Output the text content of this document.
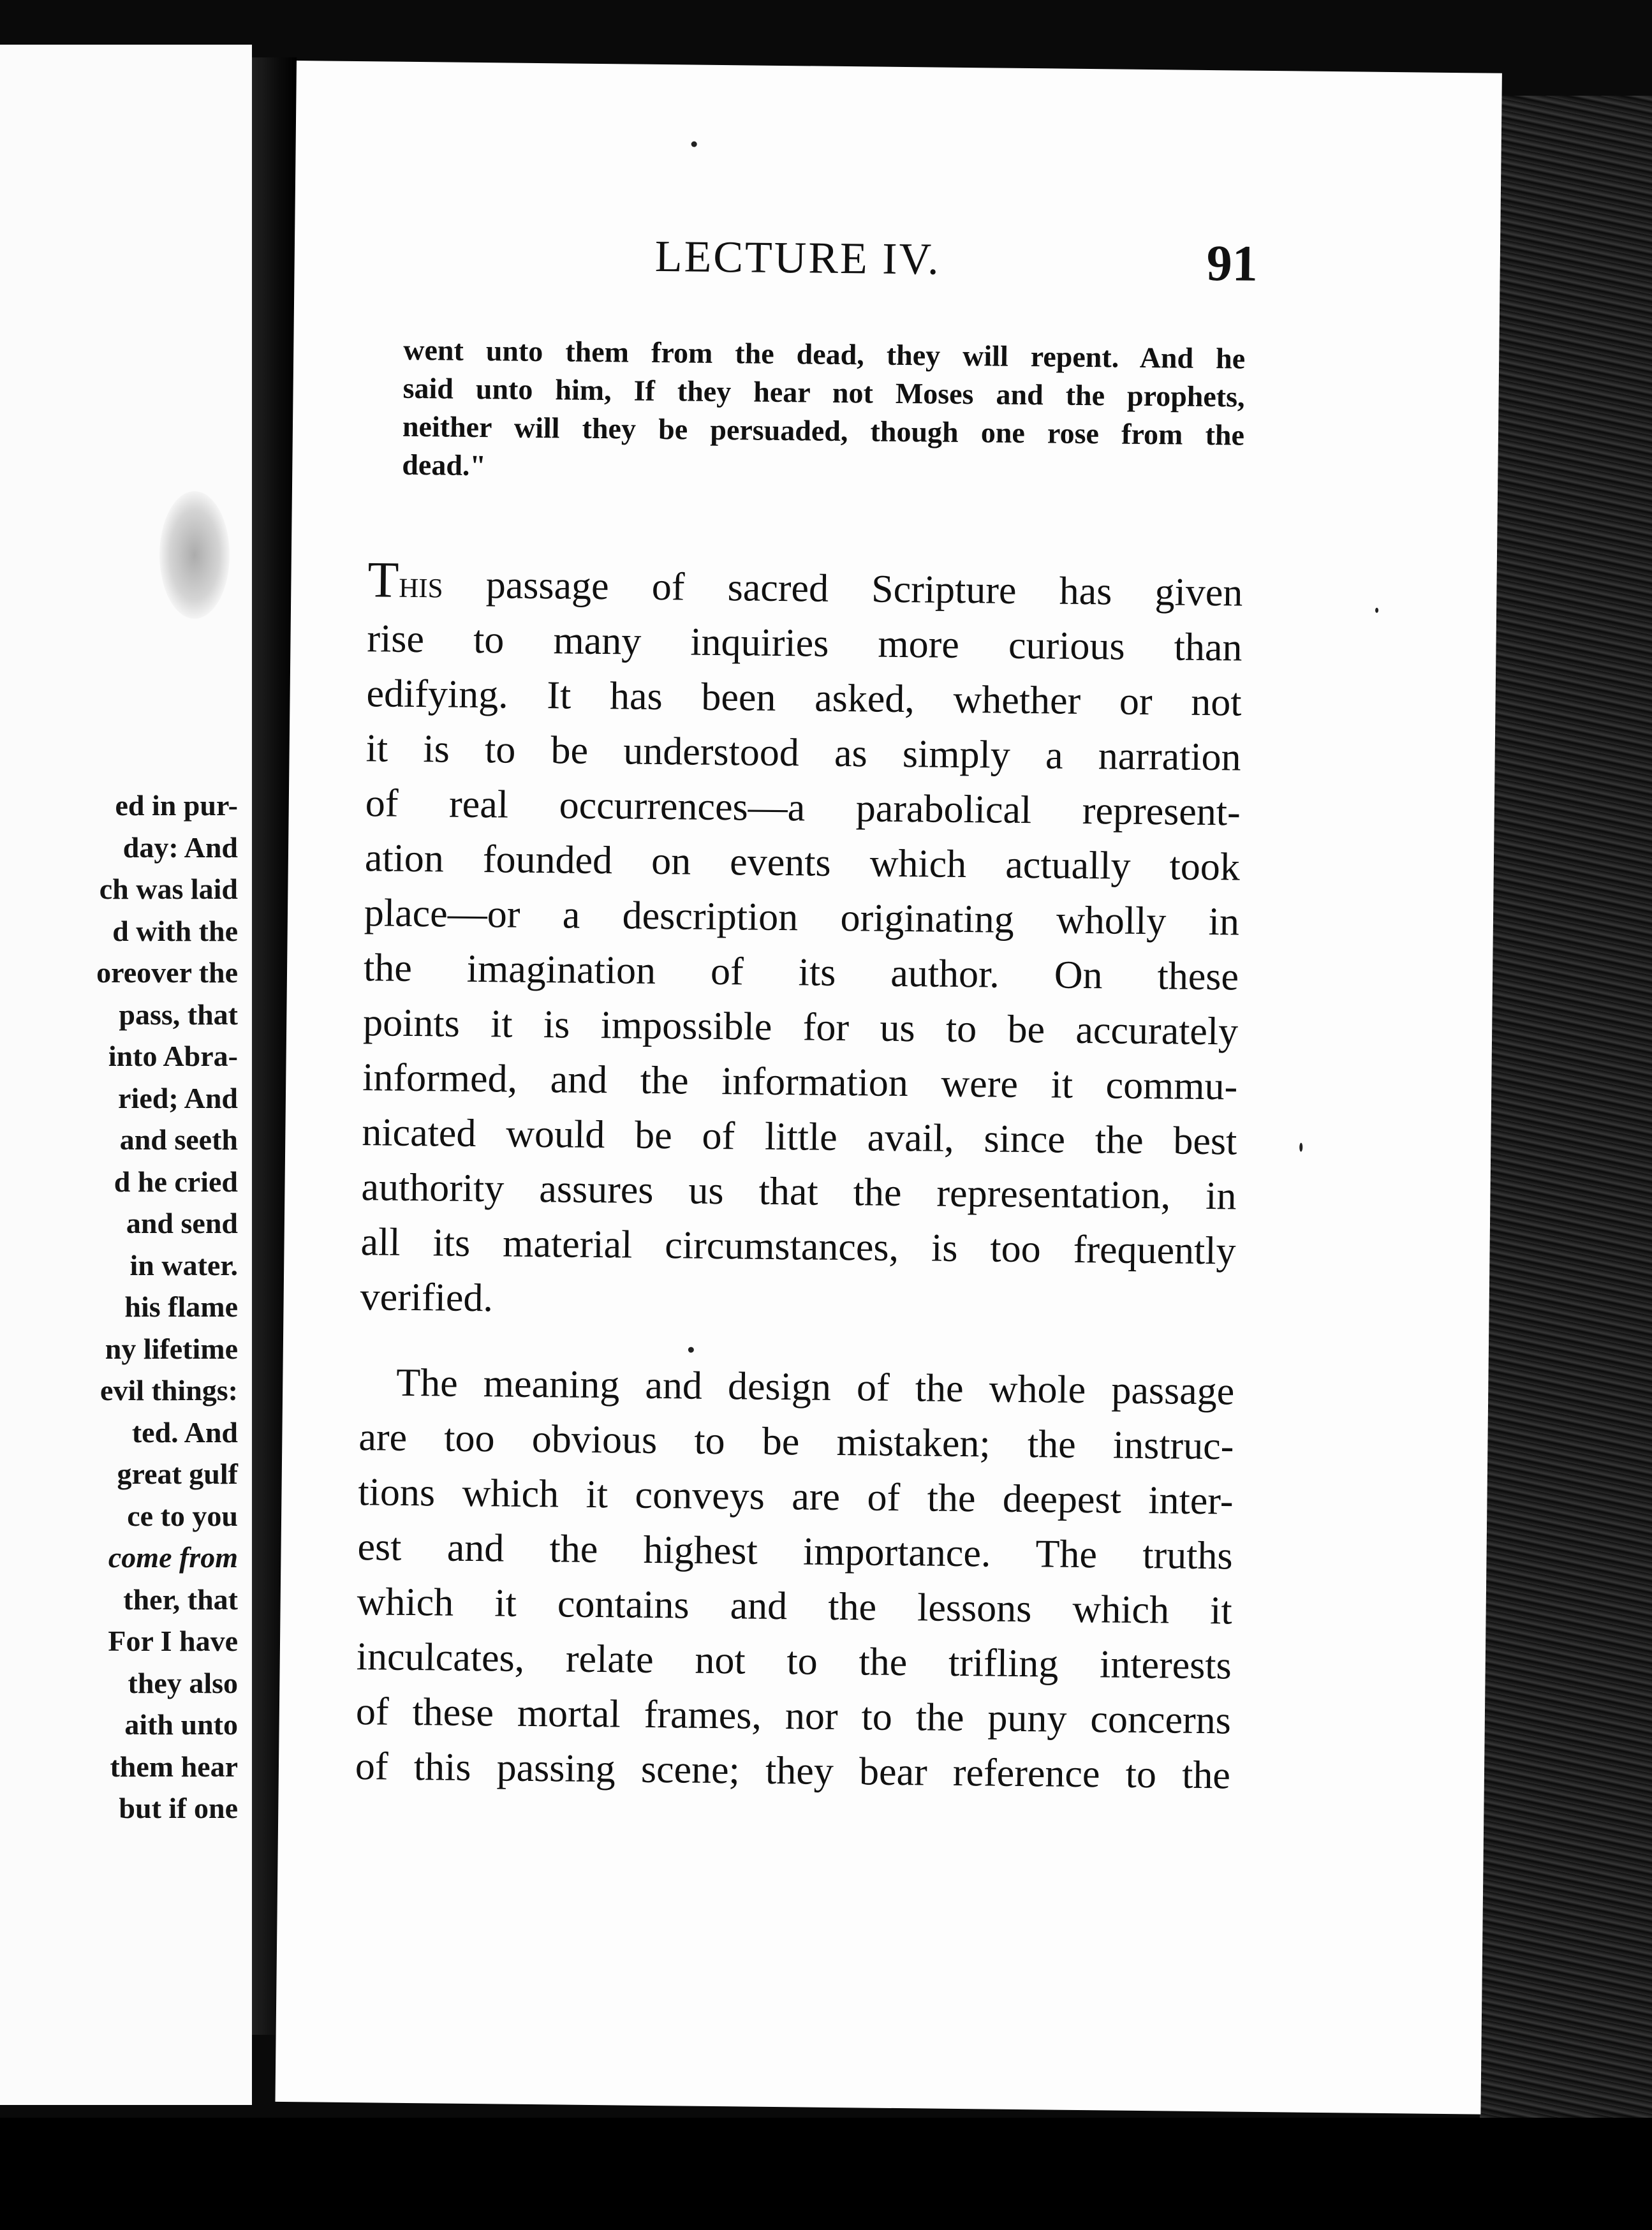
ed in pur-
day: And
ch was laid
d with the
oreover the
pass, that
into Abra-
ried; And
and seeth
d he cried
and send
in water.
his flame
ny lifetime
evil things:
ted. And
great gulf
ce to you
come from
ther, that
For I have
they also
aith unto
them hear
but if one
LECTURE IV.	91
went unto them from the dead, they will repent. And he
said unto him, If they hear not Moses and the prophets,
neither will they be persuaded, though one rose from the
dead."
This passage of sacred Scripture has given
rise to many inquiries more curious than
edifying. It has been asked, whether or not
it is to be understood as simply a narration
of real occurrences—a parabolical represent-
ation founded on events which actually took
place—or a description originating wholly in
the imagination of its author. On these
points it is impossible for us to be accurately
informed, and the information were it commu-
nicated would be of little avail, since the best
authority assures us that the representation, in
all its material circumstances, is too frequently
verified.
The meaning and design of the whole passage
are too obvious to be mistaken; the instruc-
tions which it conveys are of the deepest inter-
est and the highest importance. The truths
which it contains and the lessons which it
inculcates, relate not to the trifling interests
of these mortal frames, nor to the puny concerns
of this passing scene; they bear reference to the
